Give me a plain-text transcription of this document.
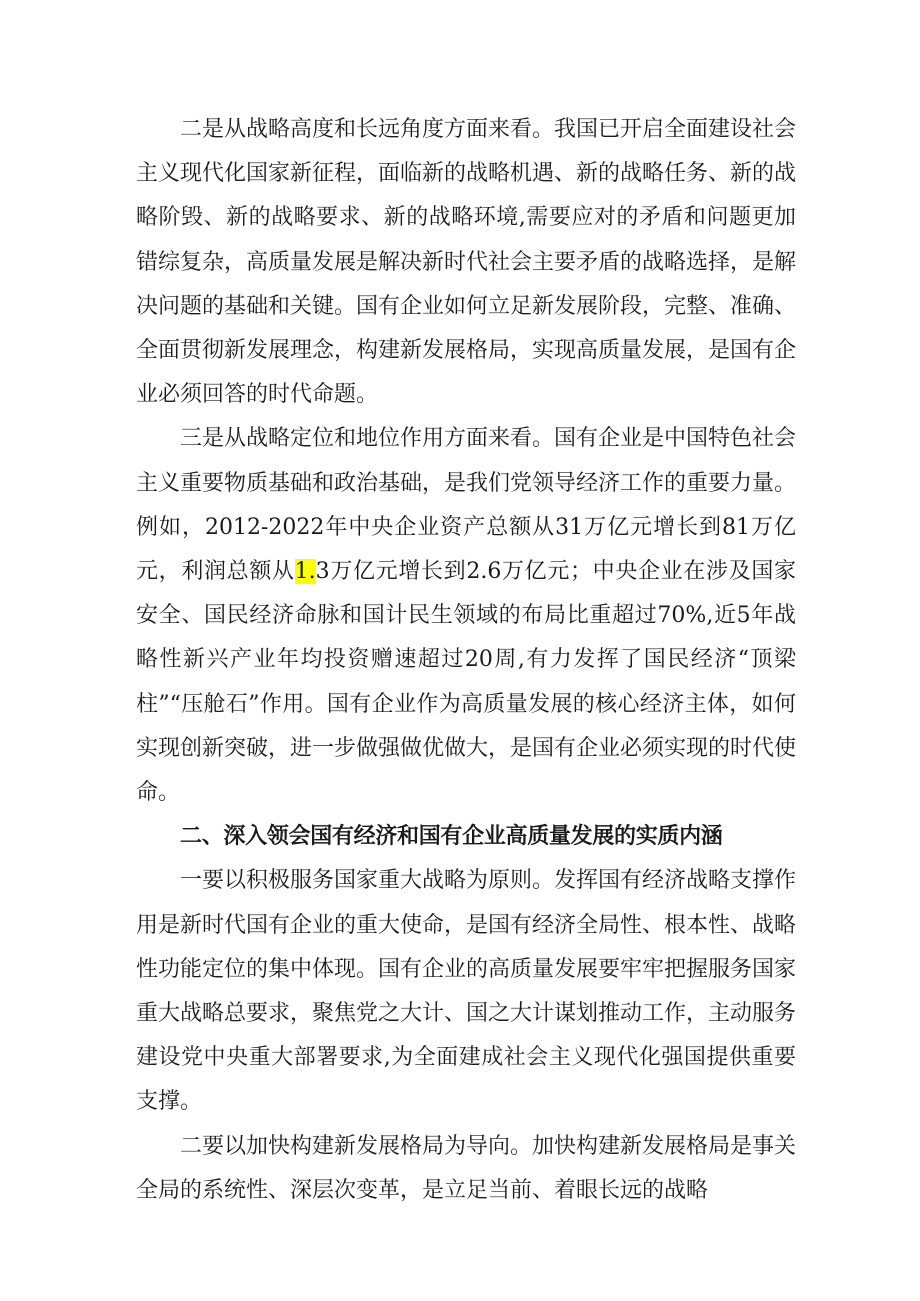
二是从战略高度和长远角度方面来看。我国已开启全面建设社会主义现代化国家新征程，面临新的战略机遇、新的战略任务、新的战略阶毁、新的战略要求、新的战略环境,需要应对的矛盾和问题更加错综复杂，高质量发展是解决新时代社会主要矛盾的战略选择，是解决问题的基础和关键。国有企业如何立足新发展阶段，完整、准确、全面贯彻新发展理念，构建新发展格局，实现高质量发展，是国有企业必须回答的时代命题。

三是从战略定位和地位作用方面来看。国有企业是中国特色社会主义重要物质基础和政治基础，是我们党领导经济工作的重要力量。例如，2012-2022年中央企业资产总额从31万亿元增长到81万亿元，利润总额从1.3万亿元增长到2.6万亿元；中央企业在涉及国家安全、国民经济命脉和国计民生领域的布局比重超过70%,近5年战略性新兴产业年均投资赠速超过20周,有力发挥了国民经济“顶梁柱”“压舱石”作用。国有企业作为高质量发展的核心经济主体，如何实现创新突破，进一步做强做优做大，是国有企业必须实现的时代使命。

二、深入领会国有经济和国有企业高质量发展的实质内涵

一要以积极服务国家重大战略为原则。发挥国有经济战略支撑作用是新时代国有企业的重大使命，是国有经济全局性、根本性、战略性功能定位的集中体现。国有企业的高质量发展要牢牢把握服务国家重大战略总要求，聚焦党之大计、国之大计谋划推动工作，主动服务建设党中央重大部署要求,为全面建成社会主义现代化强国提供重要支撑。

二要以加快构建新发展格局为导向。加快构建新发展格局是事关全局的系统性、深层次变革，是立足当前、着眼长远的战略
